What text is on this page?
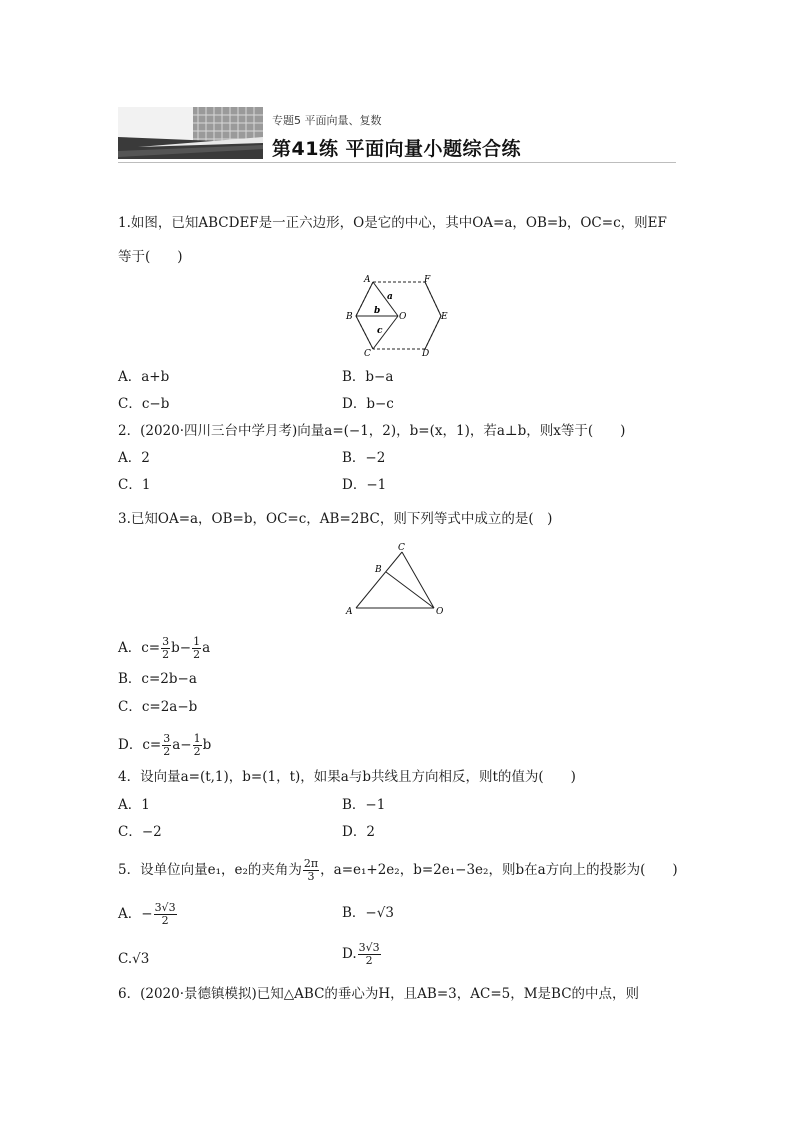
专题5 平面向量、复数
第41练 平面向量小题综合练
1.如图，已知ABCDEF是一正六边形，O是它的中心，其中OA=a，OB=b，OC=c，则EF
等于(　　)
A	F
a
B
b
O	E
c
C	D
A．a+b	B．b−a
C．c−b	D．b−c
2．(2020·四川三台中学月考)向量a=(−1，2)，b=(x，1)，若a⊥b，则x等于(　　)
A．2	B．−2
C．1	D．−1
3.已知OA=a，OB=b，OC=c，AB=2BC，则下列等式中成立的是(　)
C
B
A	O
A．$c= \frac{3}{2} b- \frac{1}{2}$ a
B．c=2b−a
C．c=2a−b
D．$c= \frac{3}{2} a- \frac{1}{2}$ b
4．设向量a=(t,1)，b=(1，t)，如果a与b共线且方向相反，则t的值为(　　)
A．1	B．−1
C．−2	D．2
5．设单位向量e₁，e₂的夹角为 $\frac{2\pi}{3}$ ，a=e₁+2e₂，b=2e₁−3e₂，则b在a方向上的投影为(　　)
A．− $\frac{3√3}{2}$	B．−√3
C.√3	D. $\frac{3√3}{2}$
6．(2020·景德镇模拟)已知△ABC的垂心为H，且AB=3，AC=5，M是BC的中点，则
